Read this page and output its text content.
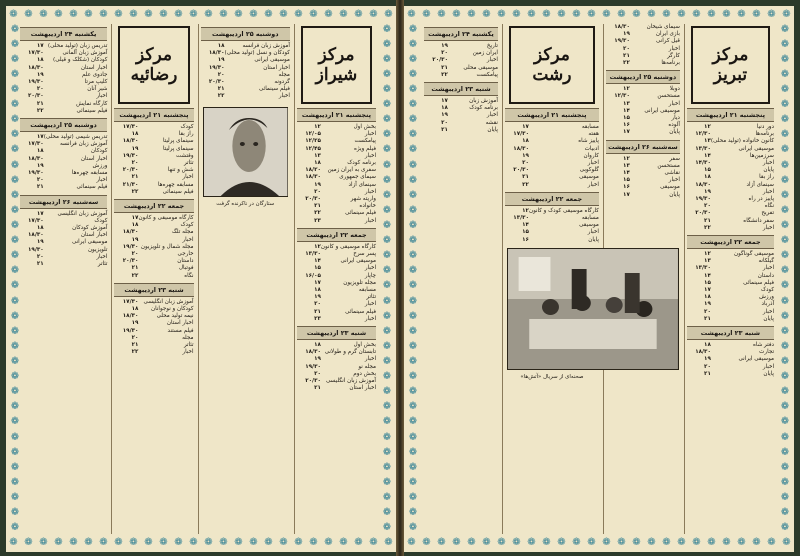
❁ ❁ ❁ ❁ ❁ ❁ ❁ ❁ ❁ ❁ ❁ ❁ ❁ ❁ ❁ ❁ ❁ ❁ ❁ ❁ ❁ ❁ ❁ ❁ ❁ ❁
❁ ❁ ❁ ❁ ❁ ❁ ❁ ❁ ❁ ❁ ❁ ❁ ❁ ❁ ❁ ❁ ❁ ❁ ❁ ❁ ❁ ❁ ❁ ❁ ❁ ❁
❁
❁
❁
❁
❁
❁
❁
❁
❁
❁
❁
❁
❁
❁
❁
❁
❁
❁
❁
❁
❁
❁
❁
❁
❁
❁
❁
❁
❁
❁
❁
❁
❁
❁
❁
❁
❁
❁
❁
❁
❁
❁
❁
❁
❁
❁
❁
❁
❁
❁
❁
❁
❁
❁
❁
❁
❁
❁
❁
❁
❁
❁
❁
❁
❁
❁
❁
❁
مرکز
شیراز
پنجشنبه ۲۱ اردیبهشت
۱۲	بخش اول
۱۲/۰۵	اخبار
۱۲/۲۵	پیامکست
۱۲/۴۵	فیلم ویژه
۱۳	اخبار
۱۸	برنامه کودک
۱۸/۲۰	سفری به ایران زمین
۱۸/۳۰	سیمای جمهوری
۱۹	سینمای آزاد
۲۰	اخبار
۲۰/۳۰	واریته شهر
۲۱	خانواده
۲۲	فیلم سینمائی
۲۳	اخبار
جمعه ۲۲ اردیبهشت
۱۲ کارگاه موسیقی و کانون
۱۳/۳۰	پسر سرخ
۱۴	موسیقی ایرانی
۱۵	اخبار
۱۶/۰۵	چاپار
۱۷	مجله تلویزیون
۱۸	مسابقه
۱۹	تئاتر
۲۰	اخبار
۲۱	فیلم سینمائی
۲۳	اخبار
شنبه ۲۳ اردیبهشت
۱۸	بخش اول
۱۸/۳۰ تابستان گرم و طولانی
۱۹	اخبار
۱۹/۳۰	مجله نو
۲۰	بخش دوم
۲۰/۳۰ آموزش زبان انگلیسی
۲۱	اخبار استان
دوشنبه ۲۵ اردیبهشت
۱۸	آموزش زبان فرانسه
۱۸/۳۰ کودکان و نسل (تولید محلی)
۱۹	موسیقی ایرانی
۱۹/۳۰	اخبار استان
۲۰	مجله
۲۰/۳۰	گردونه
۲۱	فیلم سینمائی
۲۲	اخبار
ستارگان در ناکرنده گرفت
مرکز
رضائیه
پنجشنبه ۲۱ اردیبهشت
۱۷/۳۰	کودک
۱۸	راز بقا
۱۸/۳۰	سینمای پرلیتا
۱۹	سینمای پرلیتا
۱۹/۳۰	وقتشت
۲۰	تئاتر
۲۰/۳۰	شش و تنها
۲۱	اخبار
۲۱/۳۰	مسابقه چهره‌ها
۲۲	فیلم سینمائی
جمعه ۲۲ اردیبهشت
۱۷ کارگاه موسیقی و کانون
۱۸	کودک
۱۸/۳۰	مجله تلگ
۱۹	اخبار
۱۹/۳۰ مجله شمال و تلویزیون
۲۰	خارجی
۲۰/۳۰	داستان
۲۱	فوتبال
۲۲	نگاه
شنبه ۲۳ اردیبهشت
۱۷/۳۰ آموزش زبان انگلیسی
۱۸	کودکان و نوجوانان
۱۸/۳۰	نیمه تولید محلی
۱۹	اخبار استان
۱۹/۳۰	فیلم مستند
۲۰	مجله
۲۱	تئاتر
۲۲	اخبار
یکشنبه ۲۴ اردیبهشت
۱۷ تدریس زبان (تولید محلی)
۱۷/۳۰	آموزش زبان آلمانی
۱۸	کودکان (شکلک و قیلی)
۱۸/۳۰	اخبار استان
۱۹	جادوی علم
۱۹/۳۰	کلیپ مرتا
۲۰	شیر آنان
۲۰/۳۰	اخبار
۲۱	کارگاه نمایش
۲۲	فیلم سینمائی
دوشنبه ۲۵ اردیبهشت
۱۷ تدریس شیمی (تولید محلی)
۱۷/۳۰	آموزش زبان فرانسه
۱۸	کودکان
۱۸/۳۰	اخبار استان
۱۹	ورزش
۱۹/۳۰	مسابقه چهره‌ها
۲۰	اخبار
۲۱	فیلم سینمائی
سه‌شنبه ۲۶ اردیبهشت
۱۷	آموزش زبان انگلیسی
۱۷/۳۰	کودک
۱۸	آموزش کودکان
۱۸/۳۰	اخبار استان
۱۹	موسیقی ایرانی
۱۹/۳۰	تلویزیون
۲۰	اخبار
۲۱	تئاتر
❁ ❁ ❁ ❁ ❁ ❁ ❁ ❁ ❁ ❁ ❁ ❁ ❁ ❁ ❁ ❁ ❁ ❁ ❁ ❁ ❁ ❁ ❁ ❁ ❁ ❁
❁ ❁ ❁ ❁ ❁ ❁ ❁ ❁ ❁ ❁ ❁ ❁ ❁ ❁ ❁ ❁ ❁ ❁ ❁ ❁ ❁ ❁ ❁ ❁ ❁ ❁
❁
❁
❁
❁
❁
❁
❁
❁
❁
❁
❁
❁
❁
❁
❁
❁
❁
❁
❁
❁
❁
❁
❁
❁
❁
❁
❁
❁
❁
❁
❁
❁
❁
❁
❁
❁
❁
❁
❁
❁
❁
❁
❁
❁
❁
❁
❁
❁
❁
❁
❁
❁
❁
❁
❁
❁
❁
❁
❁
❁
❁
❁
❁
❁
❁
❁
❁
❁
مرکز
تبریز
پنجشنبه ۲۱ اردیبهشت
۱۲	دور دنیا
۱۲/۳۰	برنامه‌ها
۱۳ کانون خانواده (تولید محلی)
۱۳/۳۰	موسیقی ایرانی
۱۴	سرزمین‌ها
۱۴/۳۰	اخبار
۱۵	پایان
۱۸	راز بقا
۱۸/۳۰	سینمای آزاد
۱۹	اخبار
۱۹/۳۰	پاییز در راه
۲۰	نگاه
۲۰/۳۰	تفریح
۲۱	سفر دانشگاه
۲۲	اخبار
جمعه ۲۲ اردیبهشت
۱۲	موسیقی گوناگون
۱۳	گیلکانه
۱۳/۳۰	اخبار
۱۴	داستان
۱۵	فیلم سینمائی
۱۷	کودک
۱۸	ورزش
۱۹	آذرباد
۲۰	اخبار
۲۱	پایان
شنبه ۲۳ اردیبهشت
۱۸	دفتر شاه
۱۸/۳۰	تجارت
۱۹	موسیقی ایرانی
۲۰	اخبار
۲۱	پایان
۱۸/۳۰	سیمای شیخان
۱۹	بازی ایران
۱۹/۳۰	قیل کرانی
۲۰	اخبار
۲۱	کارگر
۲۲	برنامه‌ها
دوشنبه ۲۵ اردیبهشت
۱۲	دوبلا
۱۲/۳۰	مستحسن
۱۳	اخبار
۱۴	موسیقی ایرانی
۱۵	دیار
۱۶	آلوده
۱۷	پایان
سه‌شنبه ۲۶ اردیبهشت
۱۲	سفر
۱۳	مستحسن
۱۴	نقاشی
۱۵	اخبار
۱۶	موسیقی
۱۷	پایان
مرکز
رشت
پنجشنبه ۲۱ اردیبهشت
۱۷	مسابقه
۱۷/۳۰	هفته
۱۸	پاییز شاه
۱۸/۳۰	ادبیات
۱۹	کاروان
۲۰	اخبار
۲۰/۳۰	گلوکوبی
۲۱	موسیقی
۲۲	اخبار
جمعه ۲۲ اردیبهشت
۱۲ کارگاه موسیقی کودک و کانون
۱۳/۳۰	مسابقه
۱۴	موسیقی
۱۵	اخبار
۱۶	پایان
صحنه‌ای از سریال «آتش‌ها»
یکشنبه ۲۴ اردیبهشت
۱۹	تاریخ
۲۰	ایران زمین
۲۰/۳۰	اخبار
۲۱	موسیقی محلی
۲۲	پیامکست
شنبه ۲۳ اردیبهشت
۱۷	آموزش زبان
۱۸	برنامه کودک
۱۹	اخبار
۲۰	نقشه
۲۱	پایان
